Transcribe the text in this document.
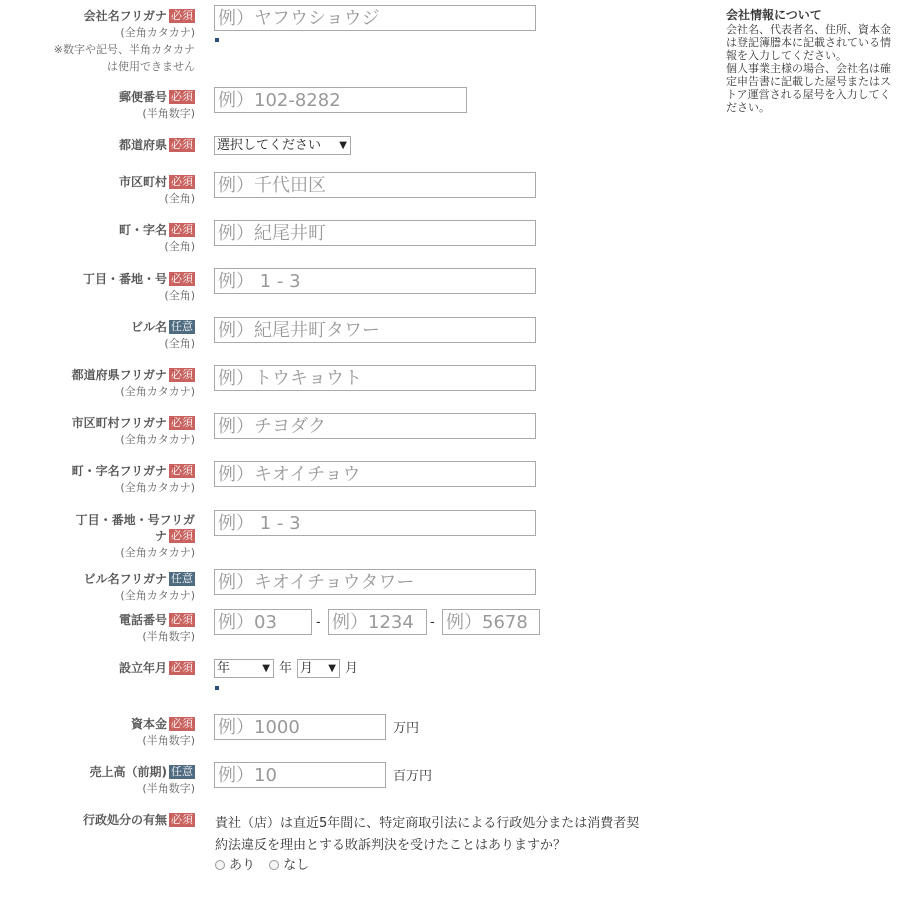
会社名フリガナ 必須
(全角カタカナ)
※数字や記号、半角カタカナ
は使用できません
例）ヤフウショウジ
郵便番号 必須
(半角数字)
例）102-8282
都道府県 必須 選択してください ▼
市区町村 必須
(全角)
例）千代田区
町・字名 必須
(全角)
例）紀尾井町
丁目・番地・号 必須
(全角)
例） 1 - 3
ビル名 任意
(全角)
例）紀尾井町タワー
都道府県フリガナ 必須
(全角カタカナ)
例）トウキョウト
市区町村フリガナ 必須
(全角カタカナ)
例）チヨダク
町・字名フリガナ 必須
(全角カタカナ)
例）キオイチョウ
丁目・番地・号フリガ
ナ 必須
(全角カタカナ)
例） 1 - 3
ビル名フリガナ 任意
(全角カタカナ)
例）キオイチョウタワー
電話番号 必須
(半角数字)
例）03
-
例）1234	-
例）5678
設立年月 必須 年	▼ 年 月 ▼ 月
資本金 必須
(半角数字)
例）1000
万円
売上高（前期) 任意
(半角数字)
例）10
百万円
行政処分の有無 必須 貴社（店）は直近5年間に、特定商取引法による行政処分または消費者契
約法違反を理由とする敗訴判決を受けたことはありますか？
あり なし
会社情報について
会社名、代表者名、住所、資本金は登記簿謄本に記載されている情報を入力してください。
個人事業主様の場合、会社名は確定申告書に記載した屋号またはストア運営される屋号を入力してください。
